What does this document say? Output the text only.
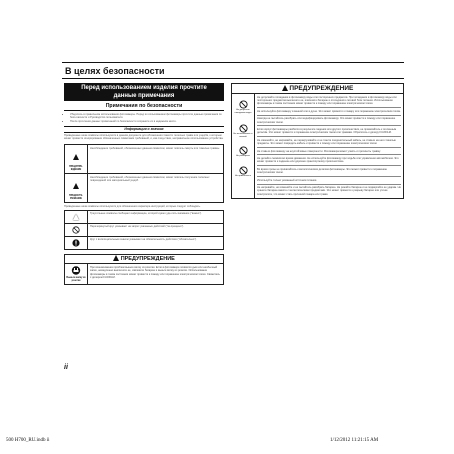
В целях безопасности
Перед использованием изделия прочтите данные примечания
Примечания по безопасности
• Убедитесь в правильном использовании фотокамеры. Перед ис-пользованием фотокамеры прочтите данные примечания по безо-пасности и Руководство пользователя.
• После прочтения данных примечаний по безопасности сохраните их в надежном месте.
Информация о значках
Приведенные ниже символы используются в данном документе для обозначения тяжести телесных травм или ущерба, к которым может привести игнорирование обозначенных символами требований, и, как след-ствие, неправильное использование устройства.
ПРЕДУПРЕ-ЖДЕНИЕ
Несоблюдение требований, обозначенных данным символом, может повлечь смерть или тяжелые травмы.
ПРЕДОСТЕ-РЕЖЕНИЕ
Несоблюдение требований, обозначенных данным символом, может повлечь получение телесных повреждений или материальный ущерб.
Приведенные ниже символы используются для обозначения характера инструкций, которые следует соблюдать.
Треугольные символы сообщают информацию, которой нужно уде-лить внимание ("важно").
Перечеркнутый круг указывает на запрет указанных действий ("за-прещено").
Круг с восклицательным знаком указывает на обязательность действия ("обязательно").
ПРЕДУПРЕЖДЕНИЕ
Выньте вилку из розетки
При возникновении проблем выньте вилку из розетки. Если в фотокамере появился дым или необычный запах, немедленно выключите ее, извлеките батарею и выньте вилку из розетки. Использование фотокамеры в таком состоянии может привести к пожару или поражению электрическим током. Свяжитесь с дилером FUJIFILM.
ii
ПРЕДУПРЕЖДЕНИЕ
Не допускайте попадания в фотокамеру воды или посторонних предметов. При попадании в фотокамеру воды или посторонних предметов выключите ее, извлеките батарею и отсоедините сетевой блок питания. Использование фотокамеры в таком состоянии может привести к пожару или поражению электрическим током.
Не используйте фотокамеру в ванной или в душе. Это может привести к пожару или поражению электрическим током.
Никогда не пытайтесь разобрать или модифицировать фотокамеру. Это может привести к пожару или поражению электрическим током.
Если корпус фотокамеры разбился в результате падения или другого происшествия, не прикасайтесь к оголенным деталям. Это может привести к поражению электрическим током или травмам. Обратитесь к дилеру FUJIFILM.
Не изменяйте, не нагревайте, не перекручивайте и не тяните соединительный кабель, не ставьте на него тяжелые предметы. Это может повредить кабель и привести к пожару или поражению электрическим током.
Не ставьте фотокамеру на неустойчивые поверхности. Фотокамера может упасть и причинить травму.
Не делайте снимков во время движения. Не используйте фотокамеру при ходьбе или управлении автомобилем. Это может привести к падению или дорожно-транспортному происшествию.
Во время грозы не прикасайтесь к металлическим деталям фотокамеры. Это может привести к поражению электрическим током.
Используйте только указанный источник питания.
Не нагревайте, не изменяйте и не пытайтесь разобрать батарею. Не роняйте батарею и не подвергайте ее ударам. Не храните батарею вместе с металлическими предметами. Это может привести к разрыву батареи или утечке электролита, что может стать причиной пожара или травм.
Не допускать попадания воды
Не использовать в ванной
Не разбирать
Не прикасаться
500 H700_RU.indb ii	1/12/2012 11:21:15 AM
